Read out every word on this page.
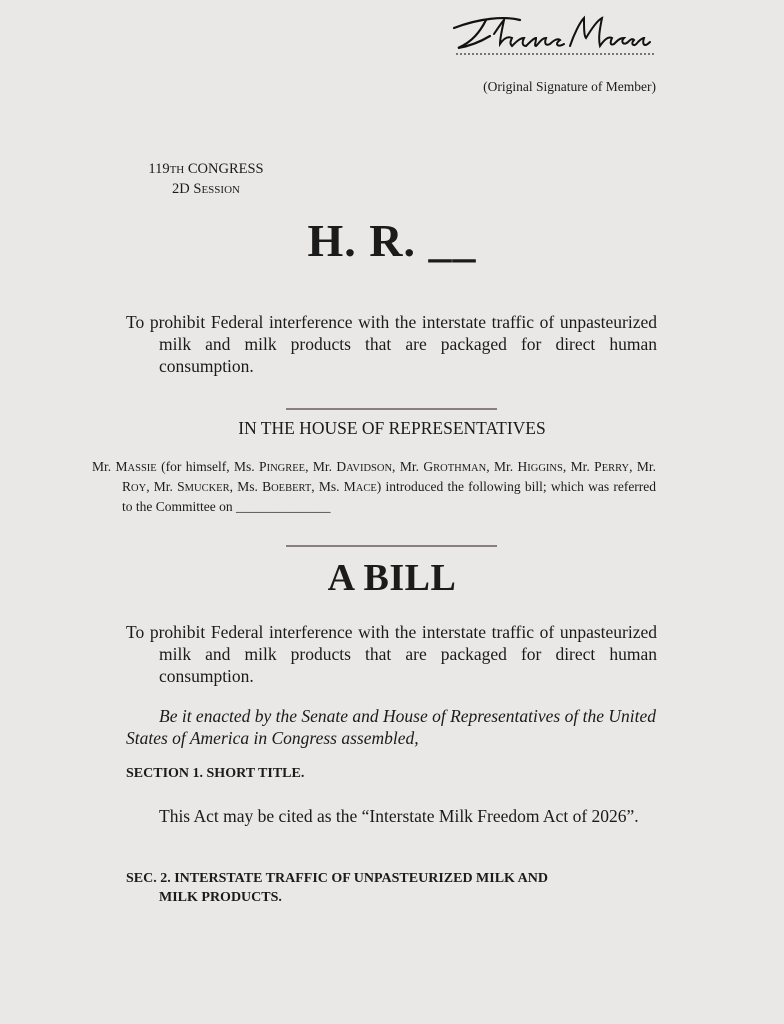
(Original Signature of Member)
119TH CONGRESS
2D SESSION
H. R. __

To prohibit Federal interference with the interstate traffic of unpasteurized milk and milk products that are packaged for direct human consumption.

IN THE HOUSE OF REPRESENTATIVES

Mr. MASSIE (for himself, Ms. PINGREE, Mr. DAVIDSON, Mr. GROTHMAN, Mr. HIGGINS, Mr. PERRY, Mr. ROY, Mr. SMUCKER, Ms. BOEBERT, Ms. MACE) introduced the following bill; which was referred to the Committee on ______________

A BILL

To prohibit Federal interference with the interstate traffic of unpasteurized milk and milk products that are packaged for direct human consumption.

Be it enacted by the Senate and House of Representatives of the United States of America in Congress assembled,

SECTION 1. SHORT TITLE.

This Act may be cited as the “Interstate Milk Freedom Act of 2026”.

SEC. 2. INTERSTATE TRAFFIC OF UNPASTEURIZED MILK AND
MILK PRODUCTS.
